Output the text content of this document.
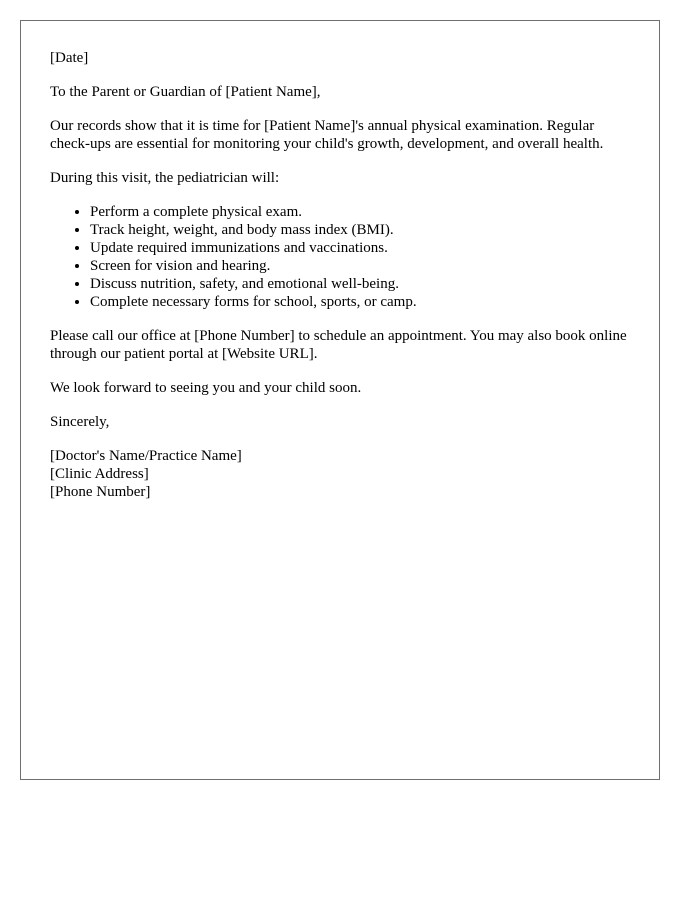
[Date]

To the Parent or Guardian of [Patient Name],

Our records show that it is time for [Patient Name]'s annual physical examination. Regular check-ups are essential for monitoring your child's growth, development, and overall health.

During this visit, the pediatrician will:

• Perform a complete physical exam.
• Track height, weight, and body mass index (BMI).
• Update required immunizations and vaccinations.
• Screen for vision and hearing.
• Discuss nutrition, safety, and emotional well-being.
• Complete necessary forms for school, sports, or camp.

Please call our office at [Phone Number] to schedule an appointment. You may also book online through our patient portal at [Website URL].

We look forward to seeing you and your child soon.

Sincerely,

[Doctor's Name/Practice Name]

[Clinic Address]

[Phone Number]
